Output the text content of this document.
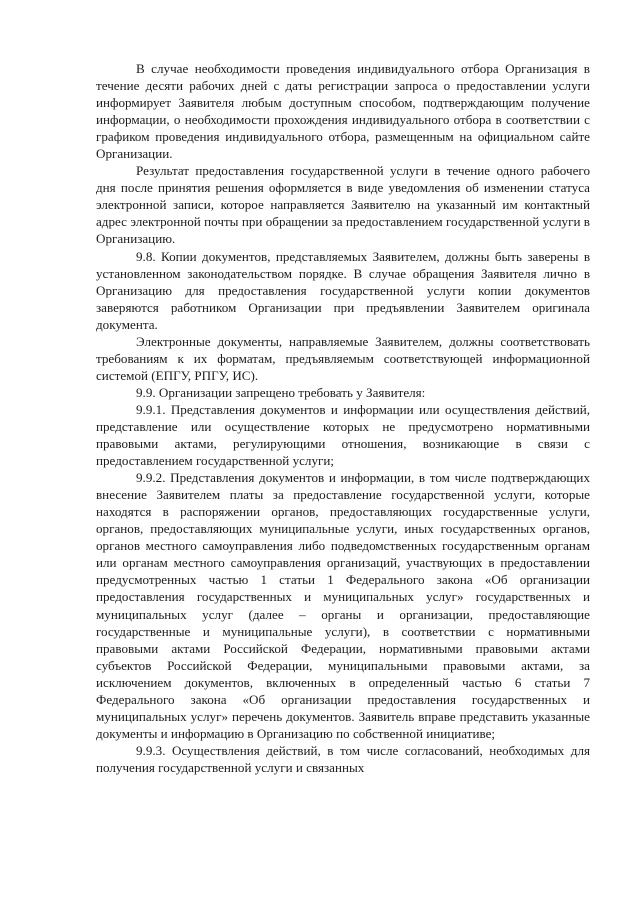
В случае необходимости проведения индивидуального отбора Организация в течение десяти рабочих дней с даты регистрации запроса о предоставлении услуги информирует Заявителя любым доступным способом, подтверждающим получение информации, о необходимости прохождения индивидуального отбора в соответствии с графиком проведения индивидуального отбора, размещенным на официальном сайте Организации.

Результат предоставления государственной услуги в течение одного рабочего дня после принятия решения оформляется в виде уведомления об изменении статуса электронной записи, которое направляется Заявителю на указанный им контактный адрес электронной почты при обращении за предоставлением государственной услуги в Организацию.

9.8. Копии документов, представляемых Заявителем, должны быть заверены в установленном законодательством порядке. В случае обращения Заявителя лично в Организацию для предоставления государственной услуги копии документов заверяются работником Организации при предъявлении Заявителем оригинала документа.

Электронные документы, направляемые Заявителем, должны соответствовать требованиям к их форматам, предъявляемым соответствующей информационной системой (ЕПГУ, РПГУ, ИС).

9.9. Организации запрещено требовать у Заявителя:

9.9.1. Представления документов и информации или осуществления действий, представление или осуществление которых не предусмотрено нормативными правовыми актами, регулирующими отношения, возникающие в связи с предоставлением государственной услуги;

9.9.2. Представления документов и информации, в том числе подтверждающих внесение Заявителем платы за предоставление государственной услуги, которые находятся в распоряжении органов, предоставляющих государственные услуги, органов, предоставляющих муниципальные услуги, иных государственных органов, органов местного самоуправления либо подведомственных государственным органам или органам местного самоуправления организаций, участвующих в предоставлении предусмотренных частью 1 статьи 1 Федерального закона «Об организации предоставления государственных и муниципальных услуг» государственных и муниципальных услуг (далее – органы и организации, предоставляющие государственные и муниципальные услуги), в соответствии с нормативными правовыми актами Российской Федерации, нормативными правовыми актами субъектов Российской Федерации, муниципальными правовыми актами, за исключением документов, включенных в определенный частью 6 статьи 7 Федерального закона «Об организации предоставления государственных и муниципальных услуг» перечень документов. Заявитель вправе представить указанные документы и информацию в Организацию по собственной инициативе;

9.9.3. Осуществления действий, в том числе согласований, необходимых для получения государственной услуги и связанных
